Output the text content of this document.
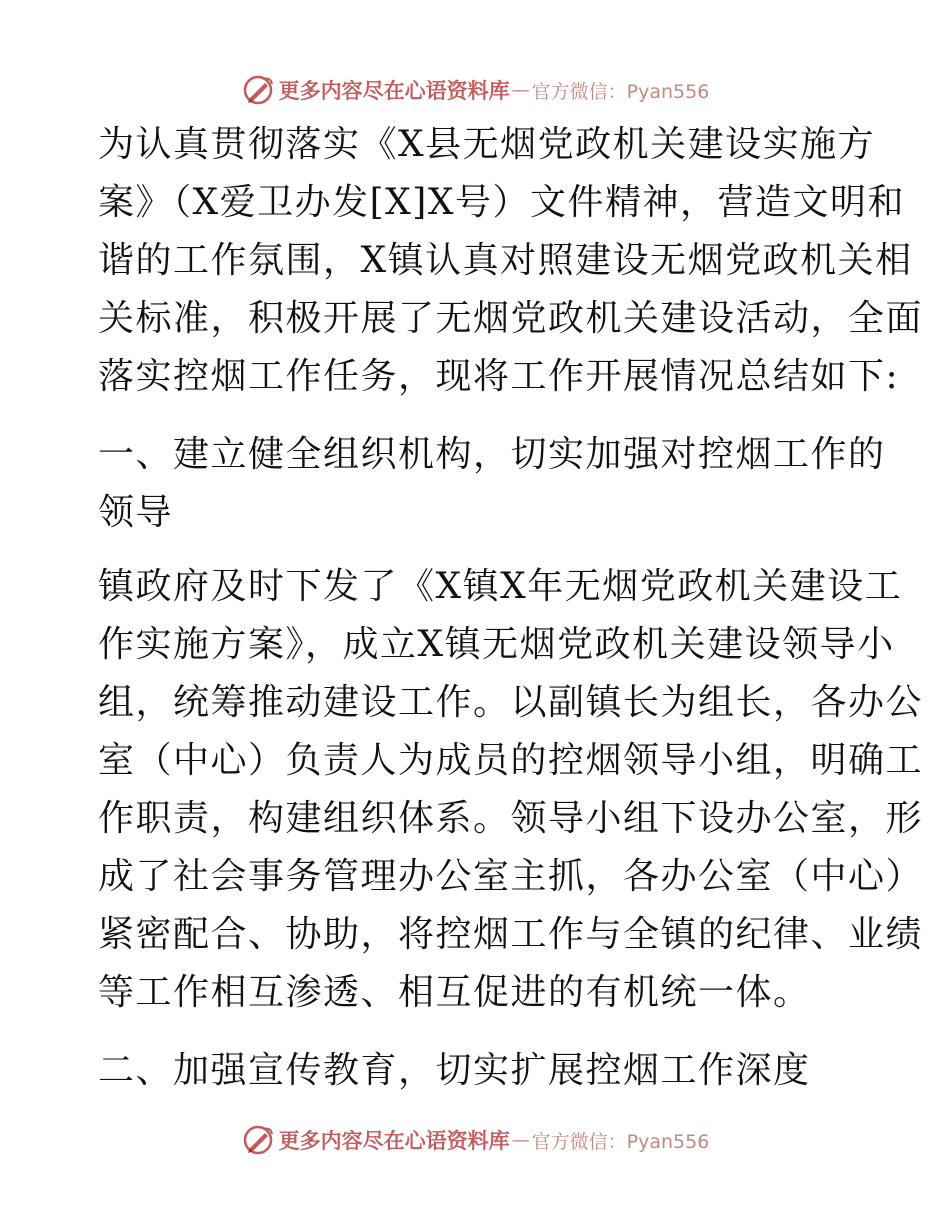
更多内容尽在心语资料库 — 官方微信：Pyan556
为认真贯彻落实《X县无烟党政机关建设实施方
案》（X爱卫办发[X]X号）文件精神，营造文明和
谐的工作氛围，X镇认真对照建设无烟党政机关相
关标准，积极开展了无烟党政机关建设活动，全面
落实控烟工作任务，现将工作开展情况总结如下:
一、建立健全组织机构，切实加强对控烟工作的
领导
镇政府及时下发了《X镇X年无烟党政机关建设工
作实施方案》，成立X镇无烟党政机关建设领导小
组，统筹推动建设工作。以副镇长为组长，各办公
室（中心）负责人为成员的控烟领导小组，明确工
作职责，构建组织体系。领导小组下设办公室，形
成了社会事务管理办公室主抓，各办公室（中心）
紧密配合、协助，将控烟工作与全镇的纪律、业绩
等工作相互渗透、相互促进的有机统一体。
二、加强宣传教育，切实扩展控烟工作深度
更多内容尽在心语资料库 — 官方微信：Pyan556
